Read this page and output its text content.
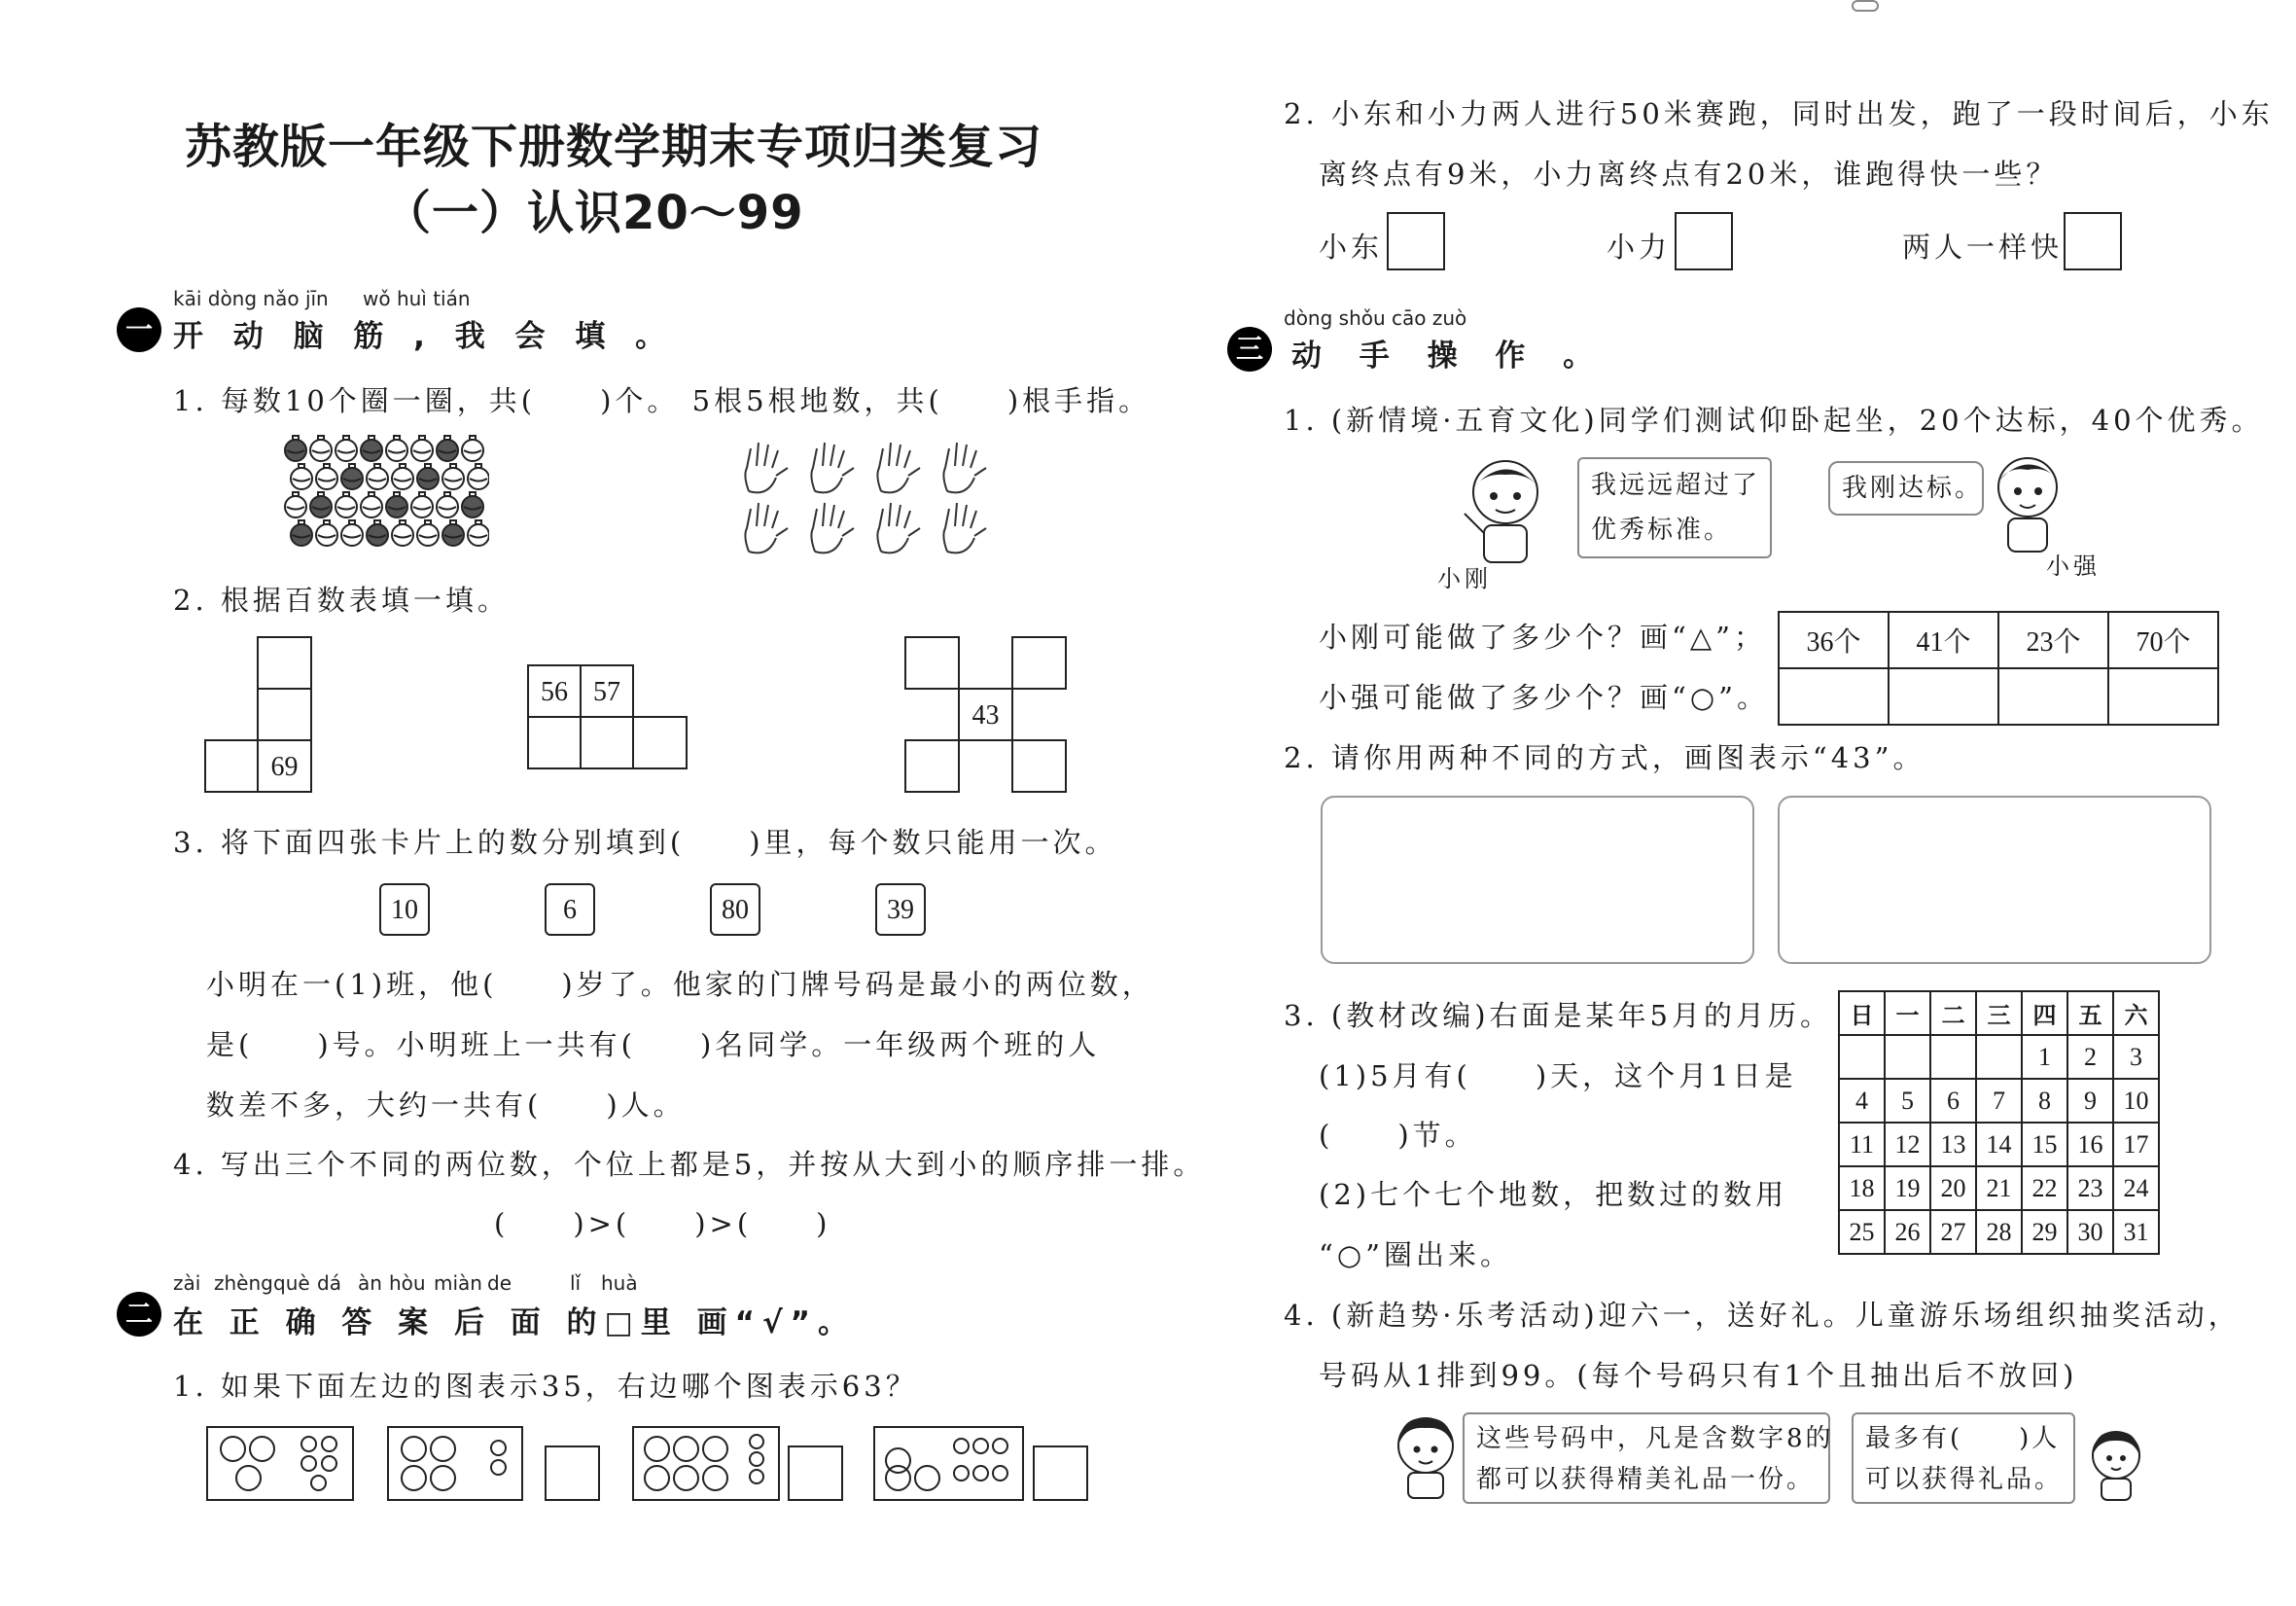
苏教版一年级下册数学期末专项归类复习
（一）认识20～99
kāi dòng nǎo jīn wǒ huì tián
一 开 动 脑 筋 , 我 会 填 。
1. 每数10个圈一圈，共(　　)个。 5根5根地数，共(　　)根手指。
2. 根据百数表填一填。
69
56 57
43
3. 将下面四张卡片上的数分别填到(　　)里，每个数只能用一次。
10	6	80	39
小明在一(1)班，他(　　)岁了。他家的门牌号码是最小的两位数，
是(　　)号。小明班上一共有(　　)名同学。一年级两个班的人
数差不多，大约一共有(　　)人。
4. 写出三个不同的两位数，个位上都是5，并按从大到小的顺序排一排。
(　　)>(　　)>(　　)
zài zhèng què dá àn hòu miàn de	lǐ huà
二 在 正 确 答 案 后 面 的□里 画“√”。
1. 如果下面左边的图表示35，右边哪个图表示63？
2. 小东和小力两人进行50米赛跑，同时出发，跑了一段时间后，小东
离终点有9米，小力离终点有20米，谁跑得快一些？
小东	小力	两人一样快
dòng shǒu cāo zuò
三 动 手 操 作 。
1. (新情境·五育文化)同学们测试仰卧起坐，20个达标，40个优秀。
小刚
我远远超过了
优秀标准。
我刚达标。
小强
小刚可能做了多少个？画“△”；
小强可能做了多少个？画“○”。
36个	41个	23个	70个

2. 请你用两种不同的方式，画图表示“43”。
3. (教材改编)右面是某年5月的月历。
(1)5月有(　　)天，这个月1日是
(　　)节。
(2)七个七个地数，把数过的数用
“○”圈出来。
日	一	二	三	四	五	六
				1	2	3
4	5	6	7	8	9	10
11	12	13	14	15	16	17
18	19	20	21	22	23	24
25	26	27	28	29	30	31
4. (新趋势·乐考活动)迎六一，送好礼。儿童游乐场组织抽奖活动，
号码从1排到99。(每个号码只有1个且抽出后不放回)
这些号码中，凡是含数字8的
都可以获得精美礼品一份。
最多有(　　)人
可以获得礼品。
